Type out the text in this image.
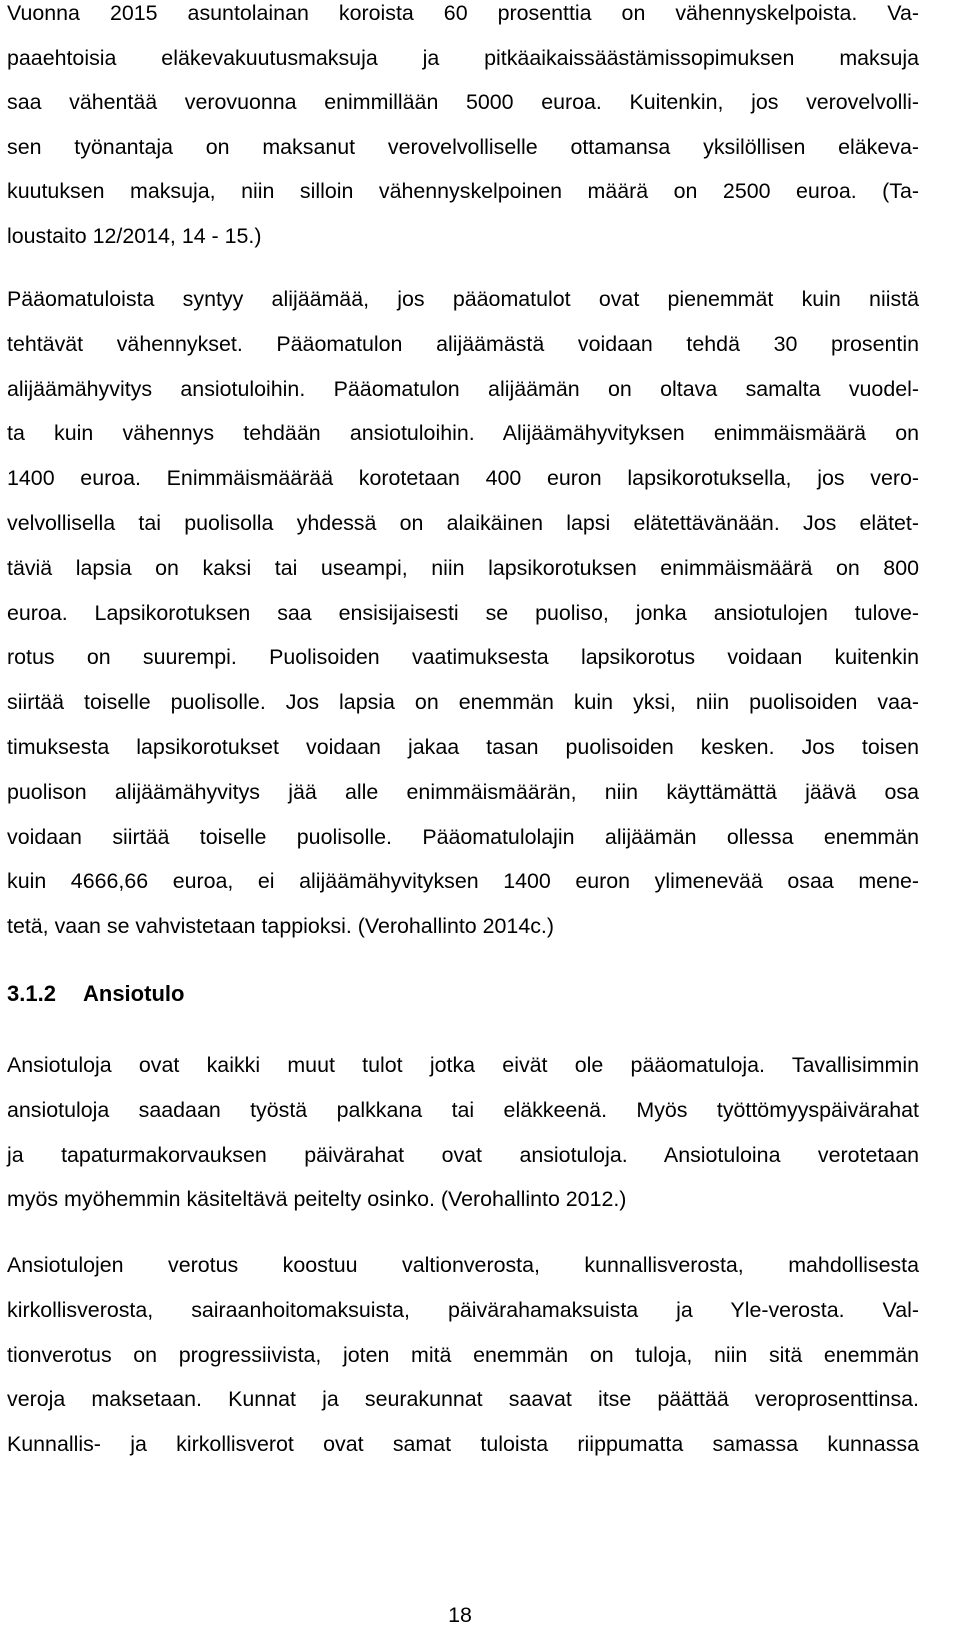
Vuonna 2015 asuntolainan koroista 60 prosenttia on vähennyskelpoista. Va-
paaehtoisia eläkevakuutusmaksuja ja pitkäaikaissäästämissopimuksen maksuja
saa vähentää verovuonna enimmillään 5000 euroa. Kuitenkin, jos verovelvolli-
sen työnantaja on maksanut verovelvolliselle ottamansa yksilöllisen eläkeva-
kuutuksen maksuja, niin silloin vähennyskelpoinen määrä on 2500 euroa. (Ta-
loustaito 12/2014, 14 - 15.)

Pääomatuloista syntyy alijäämää, jos pääomatulot ovat pienemmät kuin niistä
tehtävät vähennykset. Pääomatulon alijäämästä voidaan tehdä 30 prosentin
alijäämähyvitys ansiotuloihin. Pääomatulon alijäämän on oltava samalta vuodel-
ta kuin vähennys tehdään ansiotuloihin. Alijäämähyvityksen enimmäismäärä on
1400 euroa. Enimmäismäärää korotetaan 400 euron lapsikorotuksella, jos vero-
velvollisella tai puolisolla yhdessä on alaikäinen lapsi elätettävänään. Jos elätet-
täviä lapsia on kaksi tai useampi, niin lapsikorotuksen enimmäismäärä on 800
euroa. Lapsikorotuksen saa ensisijaisesti se puoliso, jonka ansiotulojen tulove-
rotus on suurempi. Puolisoiden vaatimuksesta lapsikorotus voidaan kuitenkin
siirtää toiselle puolisolle. Jos lapsia on enemmän kuin yksi, niin puolisoiden vaa-
timuksesta lapsikorotukset voidaan jakaa tasan puolisoiden kesken. Jos toisen
puolison alijäämähyvitys jää alle enimmäismäärän, niin käyttämättä jäävä osa
voidaan siirtää toiselle puolisolle. Pääomatulolajin alijäämän ollessa enemmän
kuin 4666,66 euroa, ei alijäämähyvityksen 1400 euron ylimenevää osaa mene-
tetä, vaan se vahvistetaan tappioksi. (Verohallinto 2014c.)

3.1.2 Ansiotulo

Ansiotuloja ovat kaikki muut tulot jotka eivät ole pääomatuloja. Tavallisimmin
ansiotuloja saadaan työstä palkkana tai eläkkeenä. Myös työttömyyspäivärahat
ja tapaturmakorvauksen päivärahat ovat ansiotuloja. Ansiotuloina verotetaan
myös myöhemmin käsiteltävä peitelty osinko. (Verohallinto 2012.)

Ansiotulojen verotus koostuu valtionverosta, kunnallisverosta, mahdollisesta
kirkollisverosta, sairaanhoitomaksuista, päivärahamaksuista ja Yle-verosta. Val-
tionverotus on progressiivista, joten mitä enemmän on tuloja, niin sitä enemmän
veroja maksetaan. Kunnat ja seurakunnat saavat itse päättää veroprosenttinsa.
Kunnallis- ja kirkollisverot ovat samat tuloista riippumatta samassa kunnassa

18
